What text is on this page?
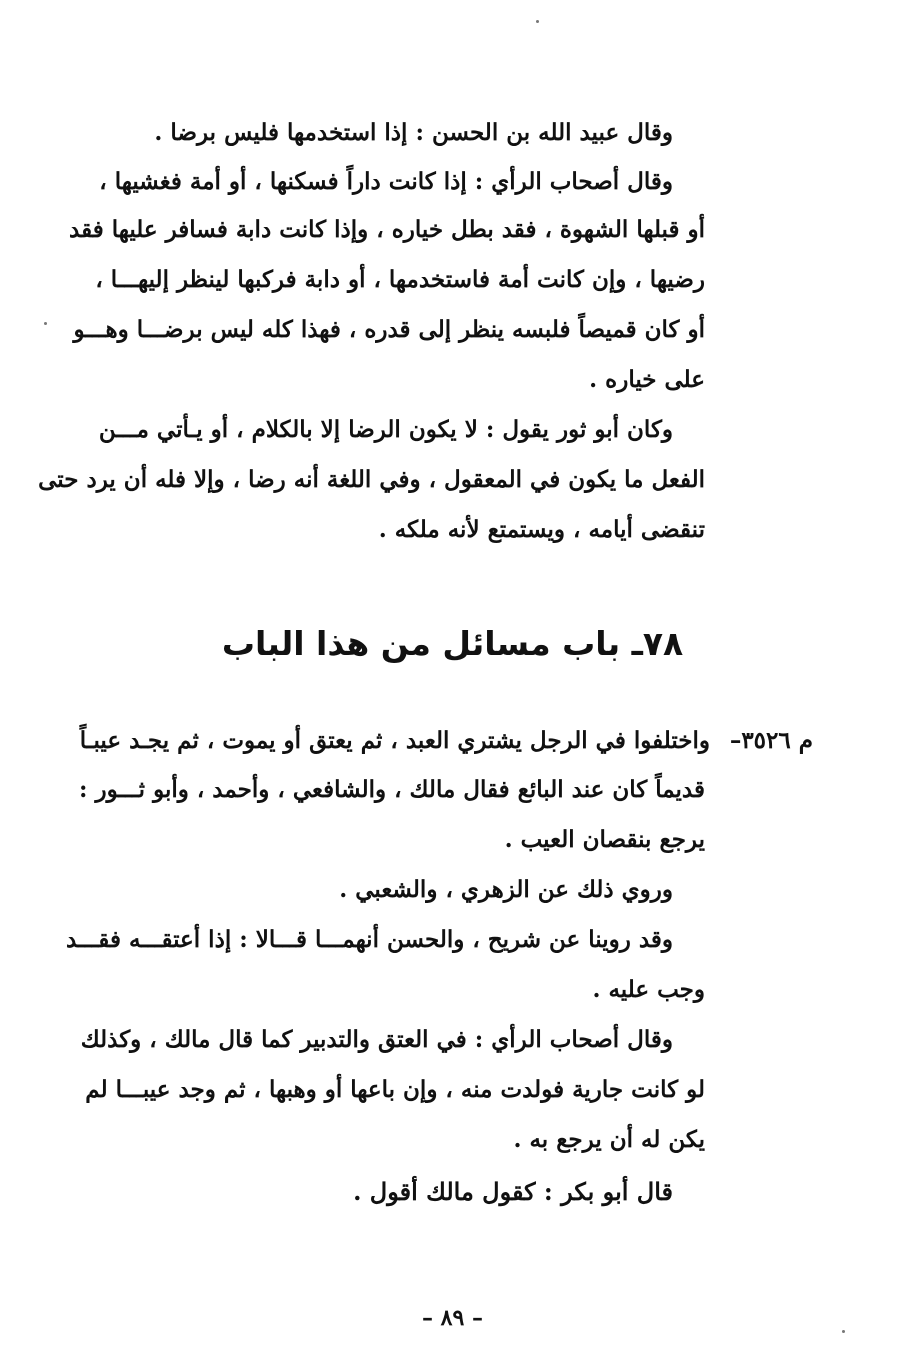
وقال عبيد الله بن الحسن : إذا استخدمها فليس برضا .
وقال أصحاب الرأي : إذا كانت داراً فسكنها ، أو أمة فغشيها ،
أو قبلها الشهوة ، فقد بطل خياره ، وإذا كانت دابة فسافر عليها فقد
رضيها ، وإن كانت أمة فاستخدمها ، أو دابة فركبها لينظر إليهـــا ،
أو كان قميصاً فلبسه ينظر إلى قدره ، فهذا كله ليس برضـــا وهـــو
على خياره .
وكان أبو ثور يقول : لا يكون الرضا إلا بالكلام ، أو يـأتي مـــن
الفعل ما يكون في المعقول ، وفي اللغة أنه رضا ، وإلا فله أن يرد حتى
تنقضى أيامه ، ويستمتع لأنه ملكه .
٧٨ـ باب مسائل من هذا الباب
م ٣٥٢٦–
واختلفوا في الرجل يشتري العبد ، ثم يعتق أو يموت ، ثم يجـد عيبـاً
قديماً كان عند البائع فقال مالك ، والشافعي ، وأحمد ، وأبو ثـــور :
يرجع بنقصان العيب .
وروي ذلك عن الزهري ، والشعبي .
وقد روينا عن شريح ، والحسن أنهمـــا قـــالا : إذا أعتقـــه فقـــد
وجب عليه .
وقال أصحاب الرأي : في العتق والتدبير كما قال مالك ، وكذلك
لو كانت جارية فولدت منه ، وإن باعها أو وهبها ، ثم وجد عيبـــا لم
يكن له أن يرجع به .
قال أبو بكر : كقول مالك أقول .
– ٨٩ –
